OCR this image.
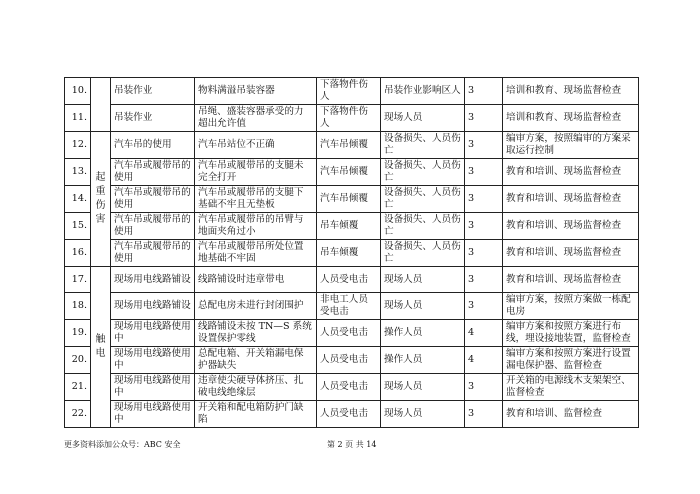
10.		吊装作业	物料满溢吊装容器	下落物件伤人	吊装作业影响区人	3	培训和教育、现场监督检查
11.		吊装作业	吊绳、盛装容器承受的力超出允许值	下落物件伤人	现场人员	3	培训和教育、现场监督检查
12.	起重伤害	汽车吊的使用	汽车吊站位不正确	汽车吊倾覆	设备损失、人员伤亡	3	编审方案，按照编审的方案采取运行控制
13.		汽车吊或履带吊的使用	汽车吊或履带吊的支腿未完全打开	汽车吊倾覆	设备损失、人员伤亡	3	教育和培训、现场监督检查
14.		汽车吊或履带吊的使用	汽车吊或履带吊的支腿下基础不牢且无垫板	汽车吊倾覆	设备损失、人员伤亡	3	教育和培训、现场监督检查
15.		汽车吊或履带吊的使用	汽车吊或履带吊的吊臂与地面夹角过小	吊车倾覆	设备损失、人员伤亡	3	教育和培训、现场监督检查
16.		汽车吊或履带吊的使用	汽车吊或履带吊所处位置地基础不牢固	吊车倾覆	设备损失、人员伤亡	3	教育和培训、现场监督检查
17.	触电	现场用电线路铺设	线路铺设时违章带电	人员受电击	现场人员	3	教育和培训、现场监督检查
18.		现场用电线路铺设	总配电房未进行封闭围护	非电工人员受电击	现场人员	3	编审方案，按照方案做一栋配电房
19.		现场用电线路使用中	线路铺设未按 TN—S 系统设置保护零线	人员受电击	操作人员	4	编审方案和按照方案进行布线，埋设接地装置，监督检查
20.		现场用电线路使用中	总配电箱、开关箱漏电保护器缺失	人员受电击	操作人员	4	编审方案和按照方案进行设置漏电保护器、监督检查
21.		现场用电线路使用中	违章使尖硬导体挤压、扎破电线绝缘层	人员受电击	现场人员	3	开关箱的电源线木支架架空、监督检查
22.		现场用电线路使用中	开关箱和配电箱防护门缺陷	人员受电击	现场人员	3	教育和培训、监督检查
更多资料添加公众号：ABC 安全	第 2 页 共 14
